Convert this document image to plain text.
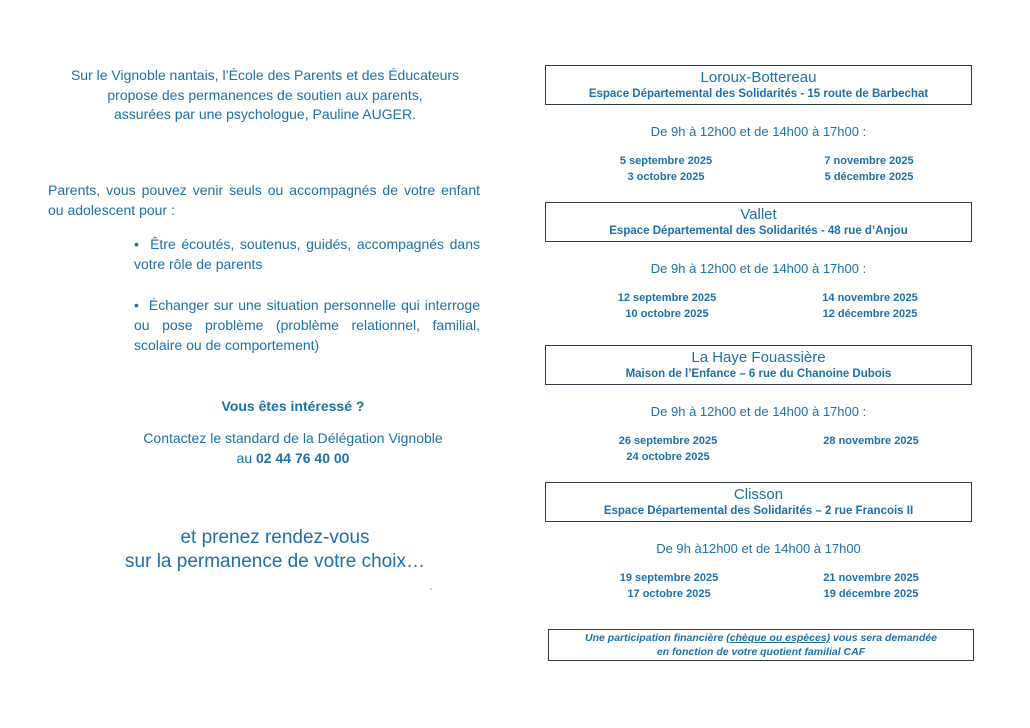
Sur le Vignoble nantais, l’École des Parents et des Éducateurs
propose des permanences de soutien aux parents,
assurées par une psychologue, Pauline AUGER.
Parents, vous pouvez venir seuls ou accompagnés de votre enfant ou adolescent pour :
•  Être écoutés, soutenus, guidés, accompagnés dans votre rôle de parents
•  Échanger sur une situation personnelle qui interroge ou pose problème (problème relationnel, familial, scolaire ou de comportement)
Vous êtes intéressé ?
Contactez le standard de la Délégation Vignoble
au 02 44 76 40 00
et prenez rendez-vous
sur la permanence de votre choix…
Loroux-Bottereau
Espace Départemental des Solidarités - 15 route de Barbechat
De 9h à 12h00 et de 14h00 à 17h00 :
5 septembre 2025
3 octobre 2025
7 novembre 2025
5 décembre 2025
Vallet
Espace Départemental des Solidarités - 48 rue d’Anjou
De 9h à 12h00 et de 14h00 à 17h00 :
12 septembre 2025
10 octobre 2025
14 novembre 2025
12 décembre 2025
La Haye Fouassière
Maison de l’Enfance – 6 rue du Chanoine Dubois
De 9h à 12h00 et de 14h00 à 17h00 :
26 septembre 2025
24 octobre 2025
28 novembre 2025
Clisson
Espace Départemental des Solidarités – 2 rue Francois II
De 9h à12h00 et de 14h00 à 17h00
19 septembre 2025
17 octobre 2025
21 novembre 2025
19 décembre 2025
Une participation financière (chèque ou espèces) vous sera demandée
en fonction de votre quotient familial CAF
